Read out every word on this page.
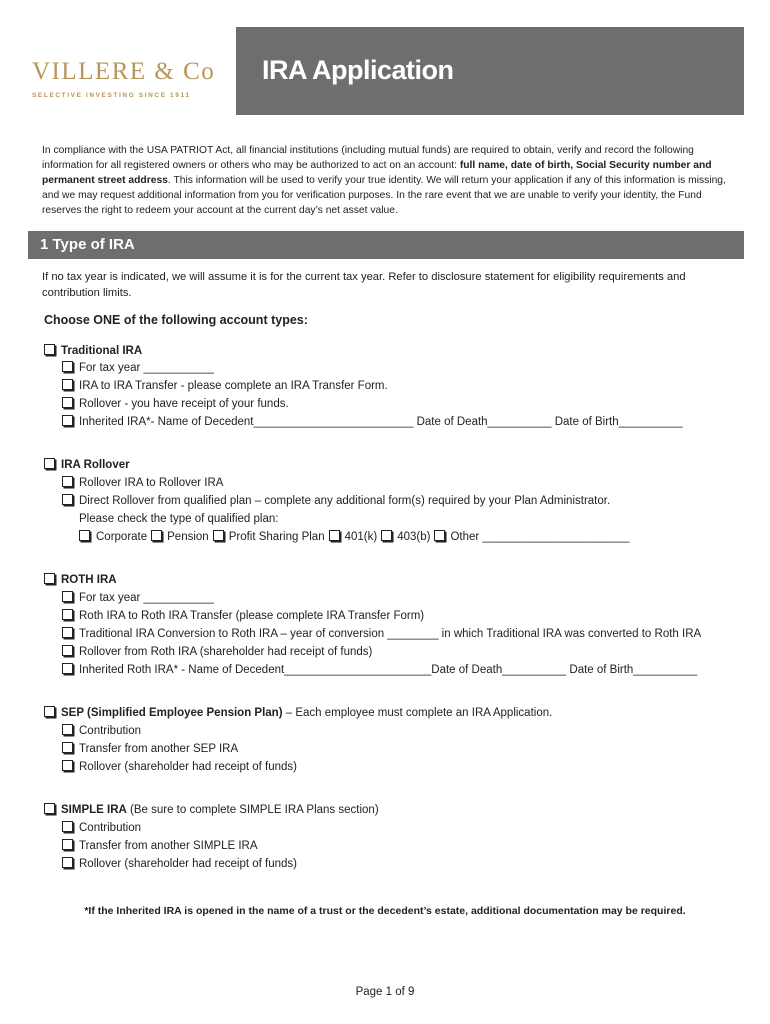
VILLERE & Co
SELECTIVE INVESTING SINCE 1911
IRA Application
In compliance with the USA PATRIOT Act, all financial institutions (including mutual funds) are required to obtain, verify and record the following information for all registered owners or others who may be authorized to act on an account: full name, date of birth, Social Security number and permanent street address. This information will be used to verify your true identity. We will return your application if any of this information is missing, and we may request additional information from you for verification purposes. In the rare event that we are unable to verify your identity, the Fund reserves the right to redeem your account at the current day’s net asset value.
1 Type of IRA
If no tax year is indicated, we will assume it is for the current tax year. Refer to disclosure statement for eligibility requirements and contribution limits.
Choose ONE of the following account types:
Traditional IRA
For tax year ___________
IRA to IRA Transfer - please complete an IRA Transfer Form.
Rollover - you have receipt of your funds.
Inherited IRA*- Name of Decedent_________________________ Date of Death__________ Date of Birth__________
IRA Rollover
Rollover IRA to Rollover IRA
Direct Rollover from qualified plan – complete any additional form(s) required by your Plan Administrator.
Please check the type of qualified plan:
Corporate Pension Profit Sharing Plan 401(k) 403(b) Other _______________________
ROTH IRA
For tax year ___________
Roth IRA to Roth IRA Transfer (please complete IRA Transfer Form)
Traditional IRA Conversion to Roth IRA – year of conversion ________ in which Traditional IRA was converted to Roth IRA
Rollover from Roth IRA (shareholder had receipt of funds)
Inherited Roth IRA* - Name of Decedent_______________________Date of Death__________ Date of Birth__________
SEP (Simplified Employee Pension Plan) – Each employee must complete an IRA Application.
Contribution
Transfer from another SEP IRA
Rollover (shareholder had receipt of funds)
SIMPLE IRA (Be sure to complete SIMPLE IRA Plans section)
Contribution
Transfer from another SIMPLE IRA
Rollover (shareholder had receipt of funds)
*If the Inherited IRA is opened in the name of a trust or the decedent’s estate, additional documentation may be required.
Page 1 of 9
